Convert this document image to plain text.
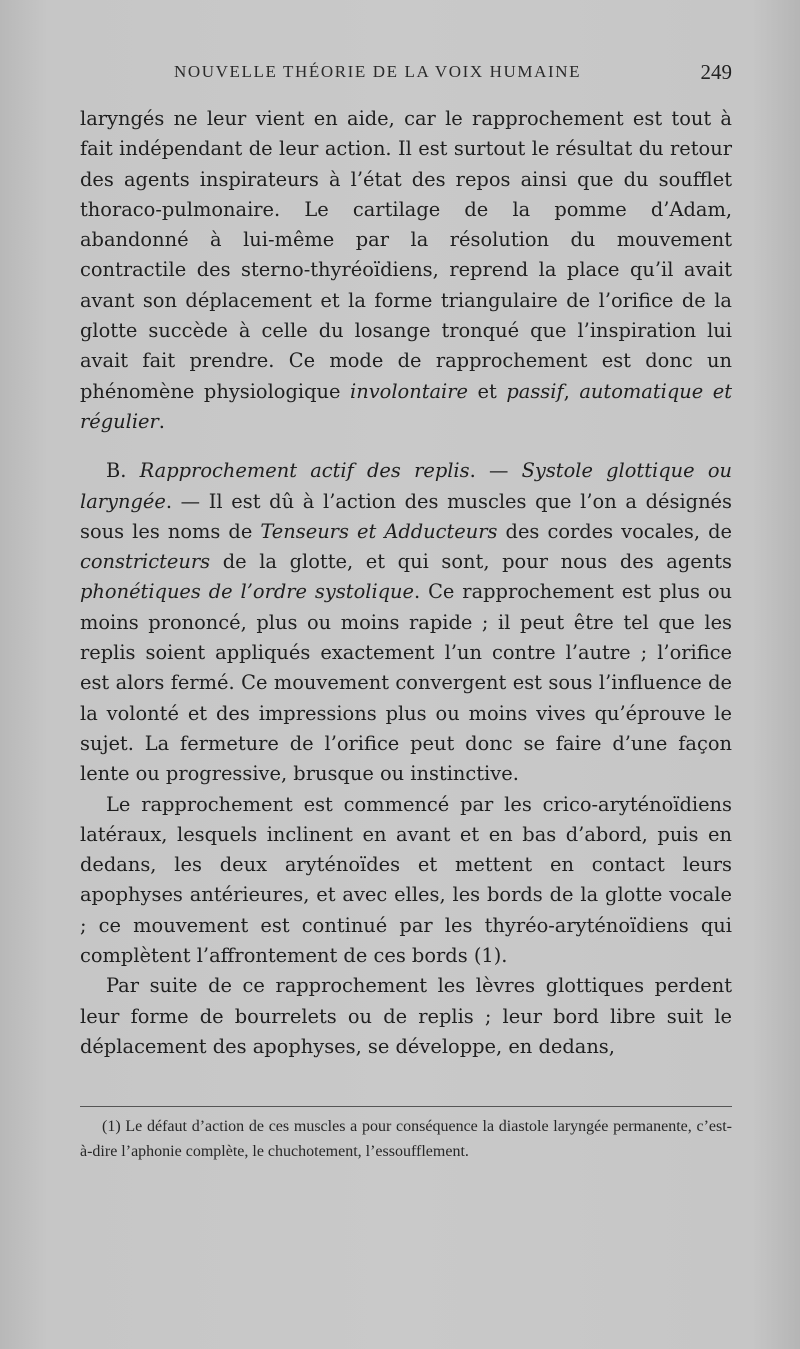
NOUVELLE THÉORIE DE LA VOIX HUMAINE	249

laryngés ne leur vient en aide, car le rapprochement est tout à fait indépendant de leur action. Il est surtout le résultat du retour des agents inspirateurs à l’état des repos ainsi que du soufflet thoraco-pulmonaire. Le cartilage de la pomme d’Adam, abandonné à lui-même par la résolution du mouvement contractile des sterno-thyréoïdiens, reprend la place qu’il avait avant son déplacement et la forme triangulaire de l’orifice de la glotte succède à celle du losange tronqué que l’inspiration lui avait fait prendre. Ce mode de rapprochement est donc un phénomène physiologique involontaire et passif, automatique et régulier.

B. Rapprochement actif des replis. — Systole glottique ou laryngée. — Il est dû à l’action des muscles que l’on a désignés sous les noms de Tenseurs et Adducteurs des cordes vocales, de constricteurs de la glotte, et qui sont, pour nous des agents phonétiques de l’ordre systolique. Ce rapprochement est plus ou moins prononcé, plus ou moins rapide ; il peut être tel que les replis soient appliqués exactement l’un contre l’autre ; l’orifice est alors fermé. Ce mouvement convergent est sous l’influence de la volonté et des impressions plus ou moins vives qu’éprouve le sujet. La fermeture de l’orifice peut donc se faire d’une façon lente ou progressive, brusque ou instinctive.

Le rapprochement est commencé par les crico-aryténoïdiens latéraux, lesquels inclinent en avant et en bas d’abord, puis en dedans, les deux aryténoïdes et mettent en contact leurs apophyses antérieures, et avec elles, les bords de la glotte vocale ; ce mouvement est continué par les thyréo-aryténoïdiens qui complètent l’affrontement de ces bords (1).

Par suite de ce rapprochement les lèvres glottiques perdent leur forme de bourrelets ou de replis ; leur bord libre suit le déplacement des apophyses, se développe, en dedans,

(1) Le défaut d’action de ces muscles a pour conséquence la diastole laryngée permanente, c’est-à-dire l’aphonie complète, le chuchotement, l’essoufflement.
